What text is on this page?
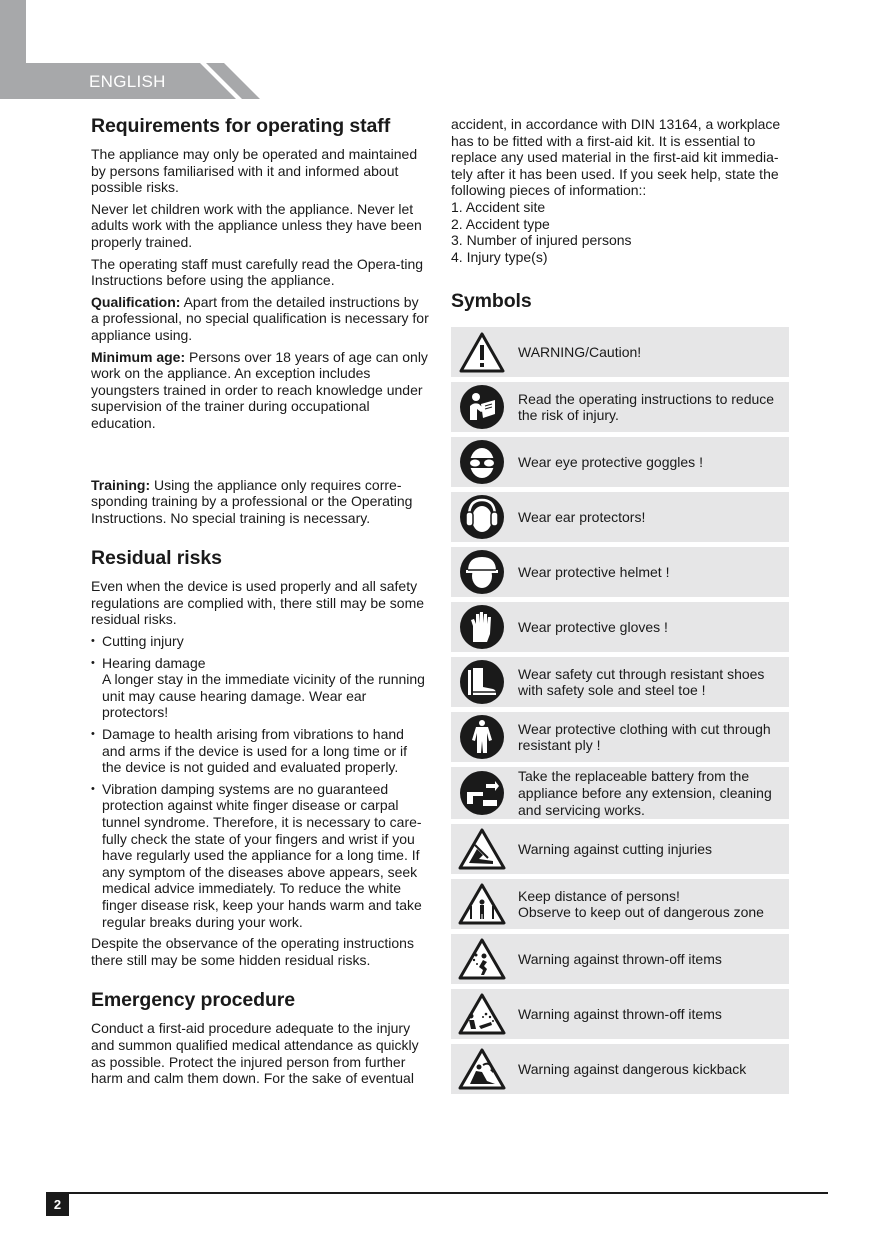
ENGLISH
Requirements for operating staff

The appliance may only be operated and maintained by persons familiarised with it and informed about possible risks.

Never let children work with the appliance. Never let adults work with the appliance unless they have been properly trained.

The operating staff must carefully read the Opera-ting Instructions before using the appliance.

Qualification: Apart from the detailed instructions by a professional, no special qualification is necessary for appliance using.

Minimum age: Persons over 18 years of age can only work on the appliance. An exception includes youngsters trained in order to reach knowledge under supervision of the trainer during occupational education.

Training: Using the appliance only requires corre-sponding training by a professional or the Operating Instructions. No special training is necessary.

Residual risks

Even when the device is used properly and all safety regulations are complied with, there still may be some residual risks.

• Cutting injury
• Hearing damage
A longer stay in the immediate vicinity of the running unit may cause hearing damage. Wear ear protectors!
• Damage to health arising from vibrations to hand and arms if the device is used for a long time or if the device is not guided and evaluated properly.
• Vibration damping systems are no guaranteed protection against white finger disease or carpal tunnel syndrome. Therefore, it is necessary to care-fully check the state of your fingers and wrist if you have regularly used the appliance for a long time. If any symptom of the diseases above appears, seek medical advice immediately. To reduce the white finger disease risk, keep your hands warm and take regular breaks during your work.

Despite the observance of the operating instructions there still may be some hidden residual risks.

Emergency procedure

Conduct a first-aid procedure adequate to the injury and summon qualified medical attendance as quickly as possible. Protect the injured person from further harm and calm them down. For the sake of eventual

accident, in accordance with DIN 13164, a workplace has to be fitted with a first-aid kit. It is essential to replace any used material in the first-aid kit immedia-tely after it has been used. If you seek help, state the following pieces of information::

1. Accident site
2. Accident type
3. Number of injured persons
4. Injury type(s)
Symbols
WARNING/Caution!
Read the operating instructions to reduce
the risk of injury.
Wear eye protective goggles !
Wear ear protectors!
Wear protective helmet !
Wear protective gloves !
Wear safety cut through resistant shoes
with safety sole and steel toe !
Wear protective clothing with cut through
resistant ply !
Take the replaceable battery from the
appliance before any extension, cleaning
and servicing works.
Warning against cutting injuries
Keep distance of persons!
Observe to keep out of dangerous zone
Warning against thrown-off items
Warning against thrown-off items
Warning against dangerous kickback
2
